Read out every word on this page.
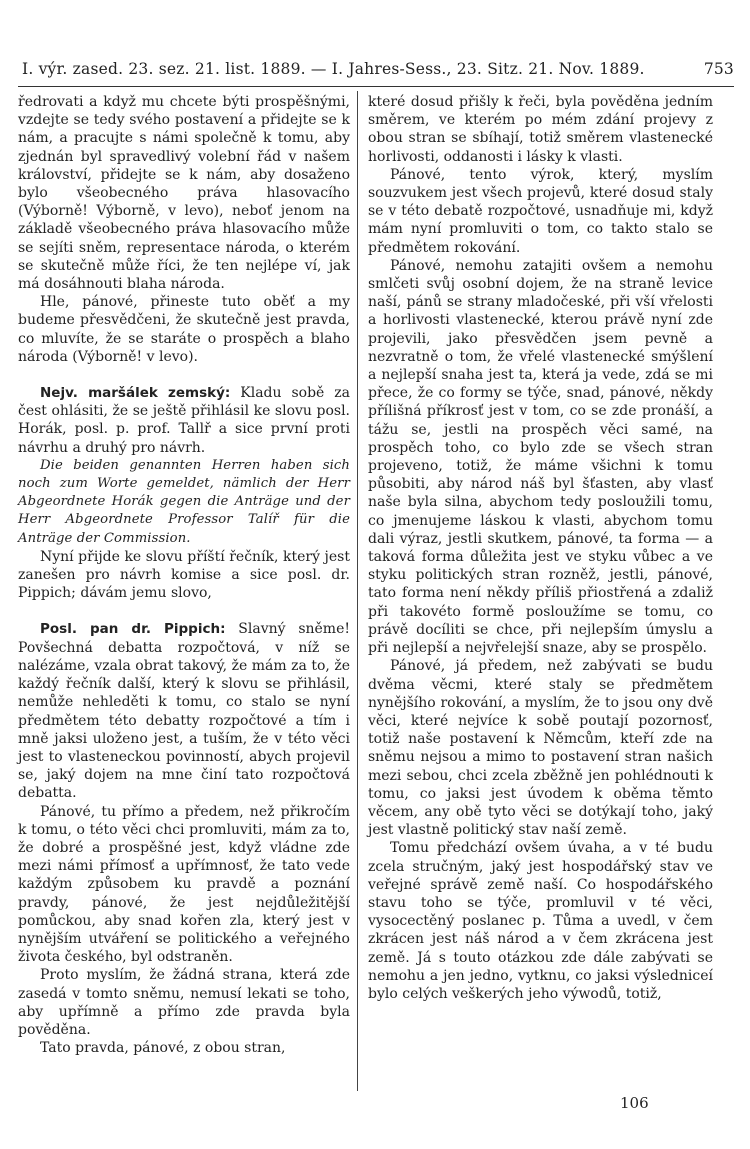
I. výr. zased. 23. sez. 21. list. 1889. — I. Jahres-Sess., 23. Sitz. 21. Nov. 1889.	753

ředrovati a když mu chcete býti prospěšnými, vzdejte se tedy svého postavení a přidejte se k nám, a pracujte s námi společně k tomu, aby zjednán byl spravedlivý volební řád v našem království, přidejte se k nám, aby dosaženo bylo všeobecného práva hlasovacího (Výborně! Výborně, v levo), neboť jenom na základě všeobecného práva hlasovacího může se sejíti sněm, representace národa, o kterém se skutečně může říci, že ten nejlépe ví, jak má dosáhnouti blaha národa.

Hle, pánové, přineste tuto oběť a my budeme přesvědčeni, že skutečně jest pravda, co mluvíte, že se staráte o prospěch a blaho národa (Výborně! v levo).

Nejv. maršálek zemský: Kladu sobě za čest ohlásiti, že se ještě přihlásil ke slovu posl. Horák, posl. p. prof. Tallř a sice první proti návrhu a druhý pro návrh.

Die beiden genannten Herren haben sich noch zum Worte gemeldet, nämlich der Herr Abgeordnete Horák gegen die Anträge und der Herr Abgeordnete Professor Talíř für die Anträge der Commission.

Nyní přijde ke slovu příští řečník, který jest zanešen pro návrh komise a sice posl. dr. Pippich; dávám jemu slovo,

Posl. pan dr. Pippich: Slavný sněme! Povšechná debatta rozpočtová, v níž se nalézáme, vzala obrat takový, že mám za to, že každý řečník další, který k slovu se přihlásil, nemůže nehleděti k tomu, co stalo se nyní předmětem této debatty rozpočtové a tím i mně jaksi uloženo jest, a tuším, že v této věci jest to vlasteneckou povinností, abych projevil se, jaký dojem na mne činí tato rozpočtová debatta.

Pánové, tu přímo a předem, než přikročím k tomu, o této věci chci promluviti, mám za to, že dobré a prospěšné jest, když vládne zde mezi námi přímosť a upřímnosť, že tato vede každým způsobem ku pravdě a poznání pravdy, pánové, že jest nejdůležitější pomůckou, aby snad kořen zla, který jest v nynějším utváření se politického a veřejného života českého, byl odstraněn.

Proto myslím, že žádná strana, která zde zasedá v tomto sněmu, nemusí lekati se toho, aby upřímně a přímo zde pravda byla pověděna.

Tato pravda, pánové, z obou stran,

které dosud přišly k řeči, byla pověděna jedním směrem, ve kterém po mém zdání projevy z obou stran se sbíhají, totiž směrem vlastenecké horlivosti, oddanosti i lásky k vlasti.

Pánové, tento výrok, který, myslím souzvukem jest všech projevů, které dosud staly se v této debatě rozpočtové, usnadňuje mi, když mám nyní promluviti o tom, co takto stalo se předmětem rokování.

Pánové, nemohu zatajiti ovšem a nemohu smlčeti svůj osobní dojem, že na straně levice naší, pánů se strany mladočeské, při vší vřelosti a horlivosti vlastenecké, kterou právě nyní zde projevili, jako přesvědčen jsem pevně a nezvratně o tom, že vřelé vlastenecké smýšlení a nejlepší snaha jest ta, která ja vede, zdá se mi přece, že co formy se týče, snad, pánové, někdy přílišná příkrosť jest v tom, co se zde pronáší, a tážu se, jestli na prospěch věci samé, na prospěch toho, co bylo zde se všech stran projeveno, totiž, že máme všichni k tomu působiti, aby národ náš byl šťasten, aby vlasť naše byla silna, abychom tedy posloužili tomu, co jmenujeme láskou k vlasti, abychom tomu dali výraz, jestli skutkem, pánové, ta forma — a taková forma důležita jest ve styku vůbec a ve styku politických stran rozněž, jestli, pánové, tato forma není někdy příliš přiostřená a zdaliž při takovéto formě posloužíme se tomu, co právě docíliti se chce, při nejlepším úmyslu a při nejlepší a nejvřelejší snaze, aby se prospělo.

Pánové, já předem, než zabývati se budu dvěma věcmi, které staly se předmětem nynějšího rokování, a myslím, že to jsou ony dvě věci, které nejvíce k sobě poutají pozornosť, totiž naše postavení k Němcům, kteří zde na sněmu nejsou a mimo to postavení stran našich mezi sebou, chci zcela zběžně jen pohlédnouti k tomu, co jaksi jest úvodem k oběma těmto věcem, any obě tyto věci se dotýkají toho, jaký jest vlastně politický stav naší země.

Tomu předchází ovšem úvaha, a v té budu zcela stručným, jaký jest hospodářský stav ve veřejné správě země naší. Co hospodářského stavu toho se týče, promluvil v té věci, vysocectěný poslanec p. Tůma a uvedl, v čem zkrácen jest náš národ a v čem zkrácena jest země. Já s touto otázkou zde dále zabývati se nemohu a jen jedno, vytknu, co jaksi výsledniceí bylo celých veškerých jeho výwodů, totiž,

106
